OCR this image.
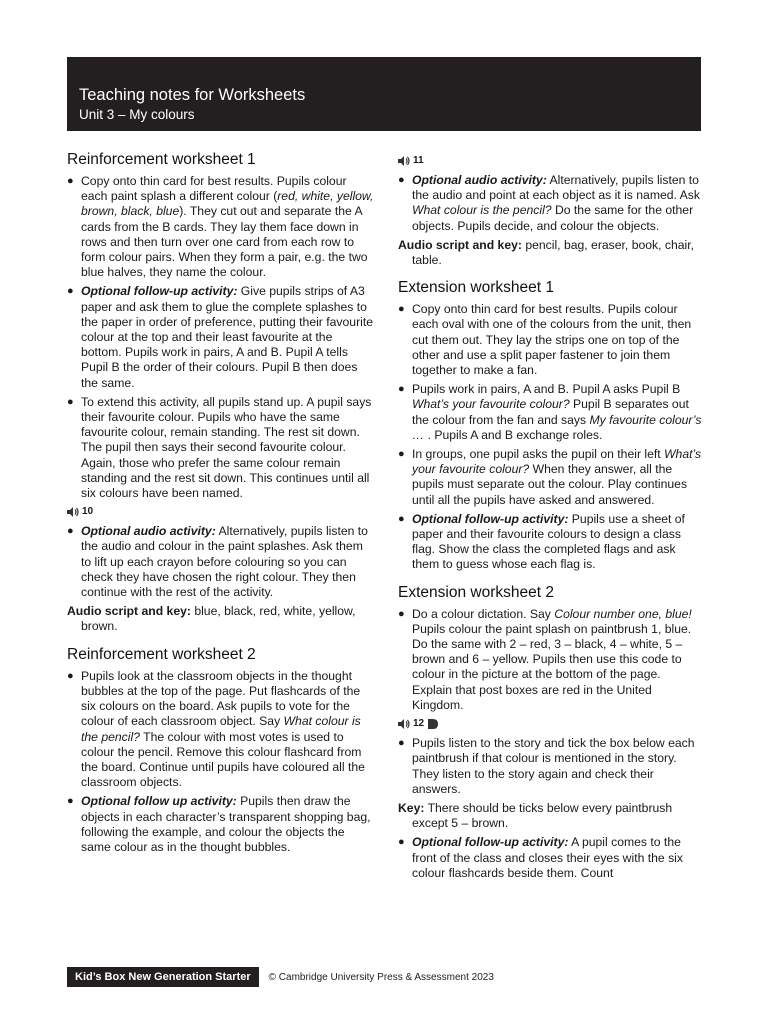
Teaching notes for Worksheets
Unit 3 – My colours
Reinforcement worksheet 1
● Copy onto thin card for best results. Pupils colour each paint splash a different colour (red, white, yellow, brown, black, blue). They cut out and separate the A cards from the B cards. They lay them face down in rows and then turn over one card from each row to form colour pairs. When they form a pair, e.g. the two blue halves, they name the colour.
● Optional follow-up activity: Give pupils strips of A3 paper and ask them to glue the complete splashes to the paper in order of preference, putting their favourite colour at the top and their least favourite at the bottom. Pupils work in pairs, A and B. Pupil A tells Pupil B the order of their colours. Pupil B then does the same.
● To extend this activity, all pupils stand up. A pupil says their favourite colour. Pupils who have the same favourite colour, remain standing. The rest sit down. The pupil then says their second favourite colour. Again, those who prefer the same colour remain standing and the rest sit down. This continues until all six colours have been named.
10
● Optional audio activity: Alternatively, pupils listen to the audio and colour in the paint splashes. Ask them to lift up each crayon before colouring so you can check they have chosen the right colour. They then continue with the rest of the activity.
Audio script and key: blue, black, red, white, yellow, brown.
Reinforcement worksheet 2
● Pupils look at the classroom objects in the thought bubbles at the top of the page. Put flashcards of the six colours on the board. Ask pupils to vote for the colour of each classroom object. Say What colour is the pencil? The colour with most votes is used to colour the pencil. Remove this colour flashcard from the board. Continue until pupils have coloured all the classroom objects.
● Optional follow up activity: Pupils then draw the objects in each character’s transparent shopping bag, following the example, and colour the objects the same colour as in the thought bubbles.
11
● Optional audio activity: Alternatively, pupils listen to the audio and point at each object as it is named. Ask What colour is the pencil? Do the same for the other objects. Pupils decide, and colour the objects.
Audio script and key: pencil, bag, eraser, book, chair, table.
Extension worksheet 1
● Copy onto thin card for best results. Pupils colour each oval with one of the colours from the unit, then cut them out. They lay the strips one on top of the other and use a split paper fastener to join them together to make a fan.
● Pupils work in pairs, A and B. Pupil A asks Pupil B What’s your favourite colour? Pupil B separates out the colour from the fan and says My favourite colour’s … . Pupils A and B exchange roles.
● In groups, one pupil asks the pupil on their left What’s your favourite colour? When they answer, all the pupils must separate out the colour. Play continues until all the pupils have asked and answered.
● Optional follow-up activity: Pupils use a sheet of paper and their favourite colours to design a class flag. Show the class the completed flags and ask them to guess whose each flag is.
Extension worksheet 2
● Do a colour dictation. Say Colour number one, blue! Pupils colour the paint splash on paintbrush 1, blue. Do the same with 2 – red, 3 – black, 4 – white, 5 – brown and 6 – yellow. Pupils then use this code to colour in the picture at the bottom of the page. Explain that post boxes are red in the United Kingdom.
12
● Pupils listen to the story and tick the box below each paintbrush if that colour is mentioned in the story. They listen to the story again and check their answers.
Key: There should be ticks below every paintbrush except 5 – brown.
● Optional follow-up activity: A pupil comes to the front of the class and closes their eyes with the six colour flashcards beside them. Count
Kid’s Box New Generation Starter	© Cambridge University Press & Assessment 2023
